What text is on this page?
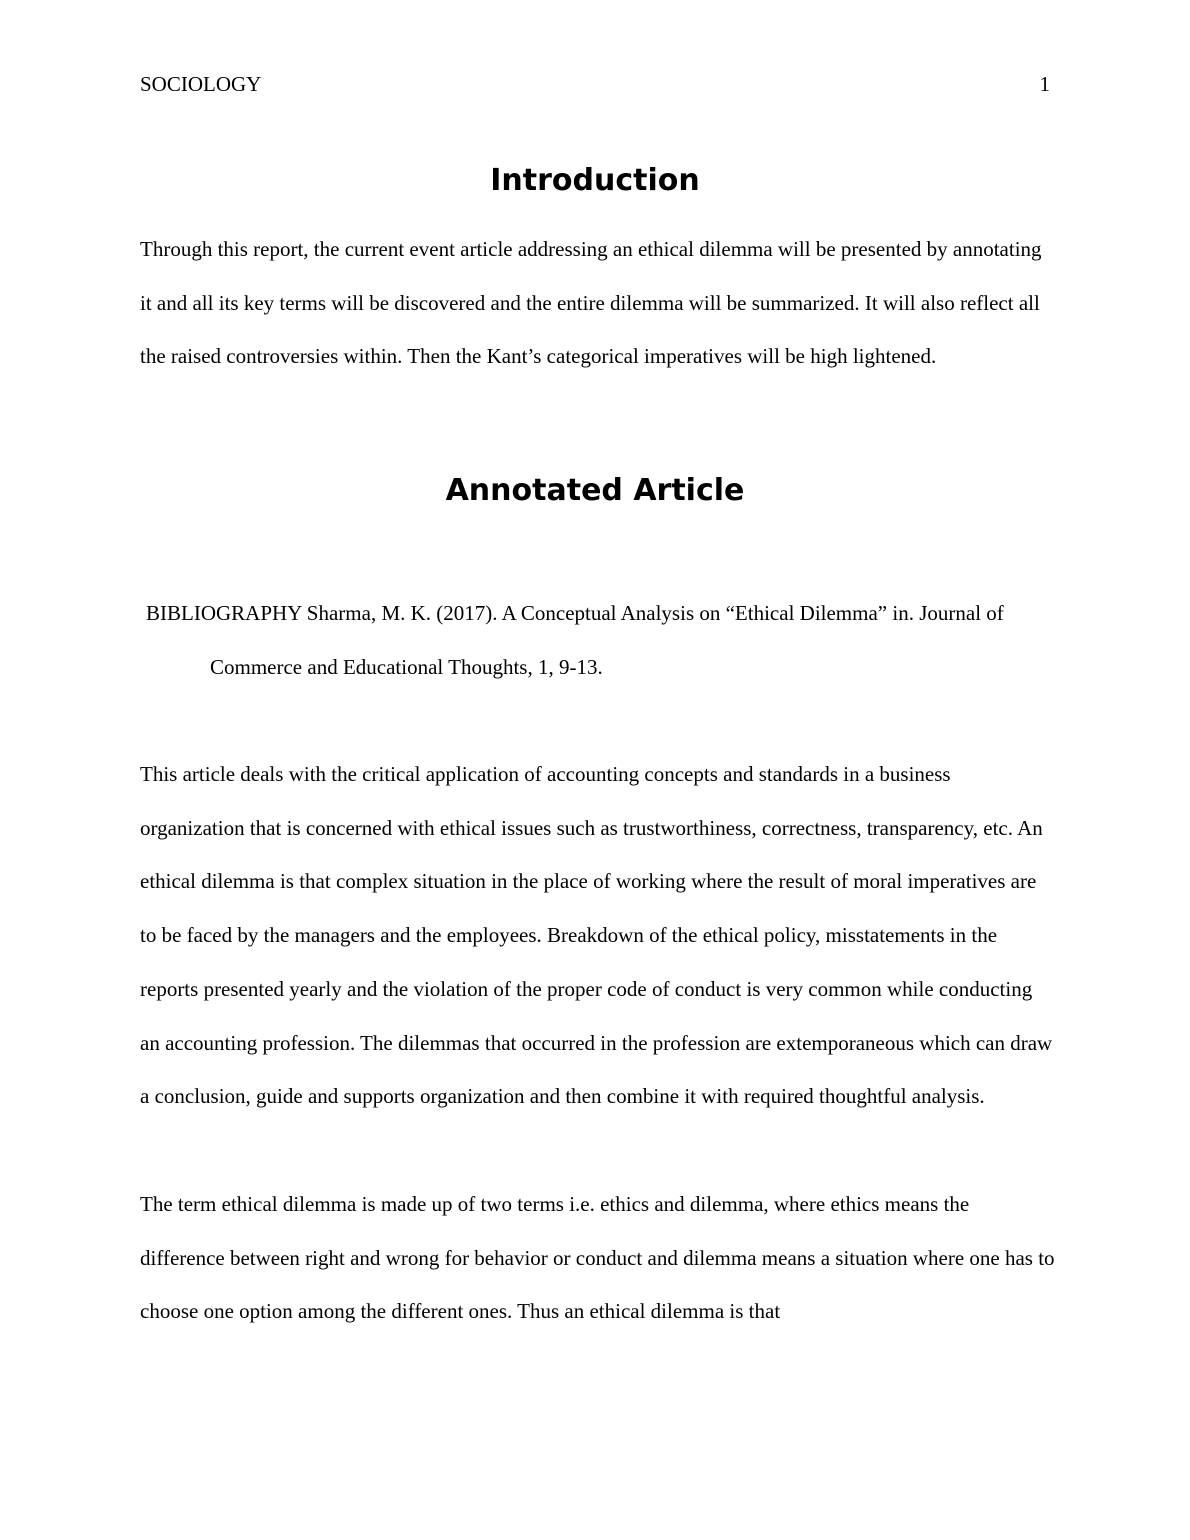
SOCIOLOGY	1
Introduction

Through this report, the current event article addressing an ethical dilemma will be presented by annotating it and all its key terms will be discovered and the entire dilemma will be summarized. It will also reflect all the raised controversies within. Then the Kant’s categorical imperatives will be high lightened.

Annotated Article

BIBLIOGRAPHY Sharma, M. K. (2017). A Conceptual Analysis on “Ethical Dilemma” in. Journal of Commerce and Educational Thoughts, 1, 9-13.

This article deals with the critical application of accounting concepts and standards in a business organization that is concerned with ethical issues such as trustworthiness, correctness, transparency, etc. An ethical dilemma is that complex situation in the place of working where the result of moral imperatives are to be faced by the managers and the employees. Breakdown of the ethical policy, misstatements in the reports presented yearly and the violation of the proper code of conduct is very common while conducting an accounting profession. The dilemmas that occurred in the profession are extemporaneous which can draw a conclusion, guide and supports organization and then combine it with required thoughtful analysis.

The term ethical dilemma is made up of two terms i.e. ethics and dilemma, where ethics means the difference between right and wrong for behavior or conduct and dilemma means a situation where one has to choose one option among the different ones. Thus an ethical dilemma is that
